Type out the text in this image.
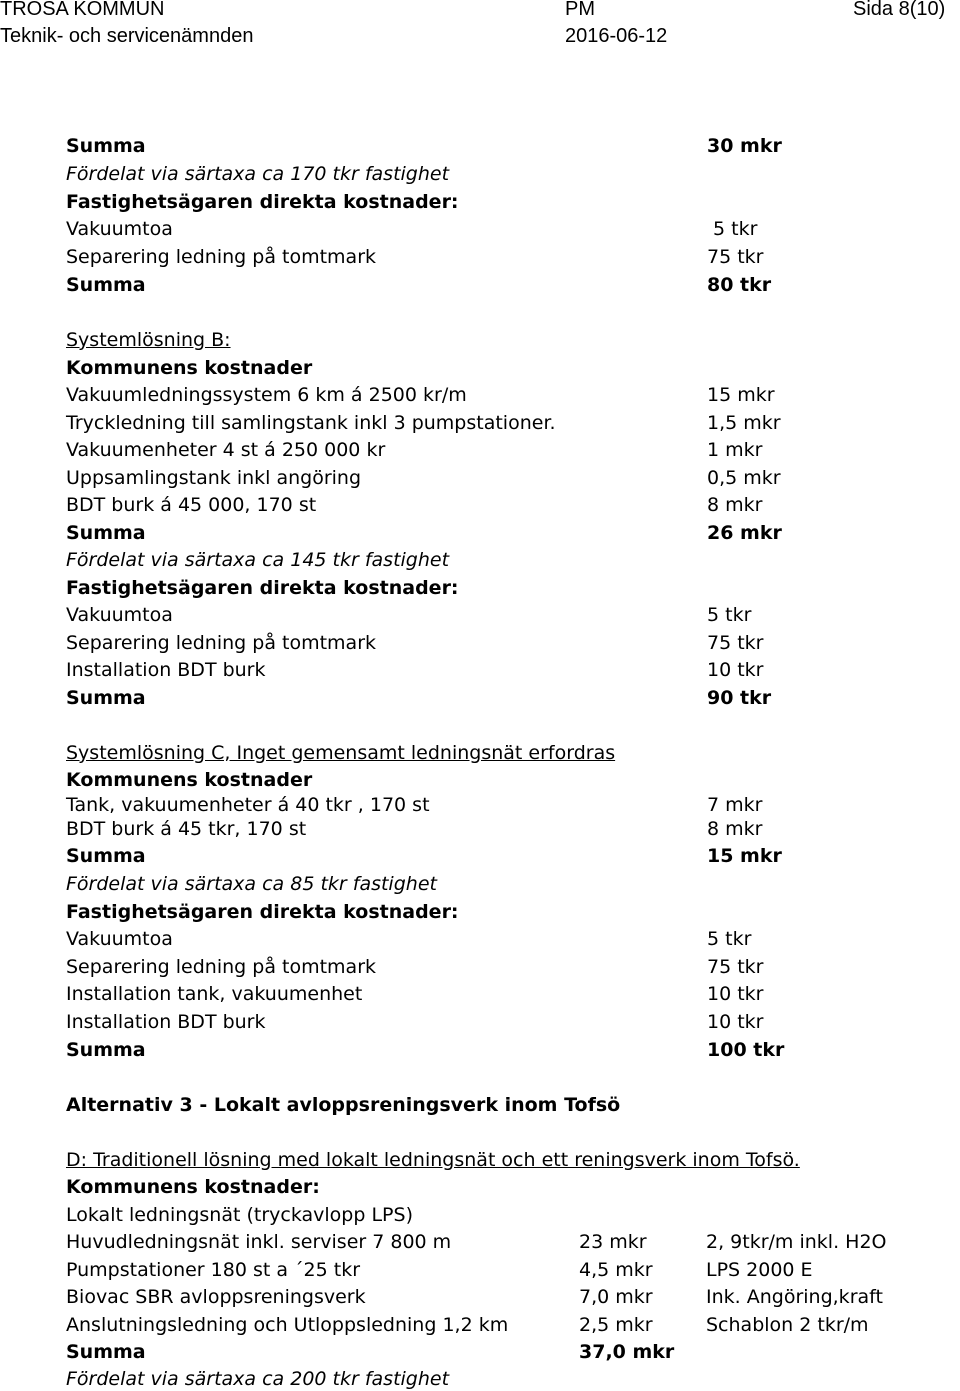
TROSA KOMMUN
Teknik- och servicenämnden
PM
2016-06-12
Sida 8(10)
Summa	30 mkr
Fördelat via särtaxa ca 170 tkr fastighet
Fastighetsägaren direkta kostnader:
Vakuumtoa	5 tkr
Separering ledning på tomtmark	75 tkr
Summa	80 tkr
Systemlösning B:
Kommunens kostnader
Vakuumledningssystem 6 km á 2500 kr/m	15 mkr
Tryckledning till samlingstank inkl 3 pumpstationer.	1,5 mkr
Vakuumenheter 4 st á 250 000 kr	1 mkr
Uppsamlingstank inkl angöring	0,5 mkr
BDT burk á 45 000, 170 st	8 mkr
Summa	26 mkr
Fördelat via särtaxa ca 145 tkr fastighet
Fastighetsägaren direkta kostnader:
Vakuumtoa	5 tkr
Separering ledning på tomtmark	75 tkr
Installation BDT burk	10 tkr
Summa	90 tkr
Systemlösning C, Inget gemensamt ledningsnät erfordras
Kommunens kostnader
Tank, vakuumenheter á 40 tkr , 170 st	7 mkr
BDT burk á 45 tkr, 170 st	8 mkr
Summa	15 mkr
Fördelat via särtaxa ca 85 tkr fastighet
Fastighetsägaren direkta kostnader:
Vakuumtoa	5 tkr
Separering ledning på tomtmark	75 tkr
Installation tank, vakuumenhet	10 tkr
Installation BDT burk	10 tkr
Summa	100 tkr
Alternativ 3 - Lokalt avloppsreningsverk inom Tofsö
D: Traditionell lösning med lokalt ledningsnät och ett reningsverk inom Tofsö.
Kommunens kostnader:
Lokalt ledningsnät (tryckavlopp LPS)
Huvudledningsnät inkl. serviser 7 800 m	23 mkr	2, 9tkr/m inkl. H2O
Pumpstationer 180 st a ´25 tkr	4,5 mkr	LPS 2000 E
Biovac SBR avloppsreningsverk	7,0 mkr	Ink. Angöring,kraft
Anslutningsledning och Utloppsledning 1,2 km	2,5 mkr	Schablon 2 tkr/m
Summa	37,0 mkr
Fördelat via särtaxa ca 200 tkr fastighet
